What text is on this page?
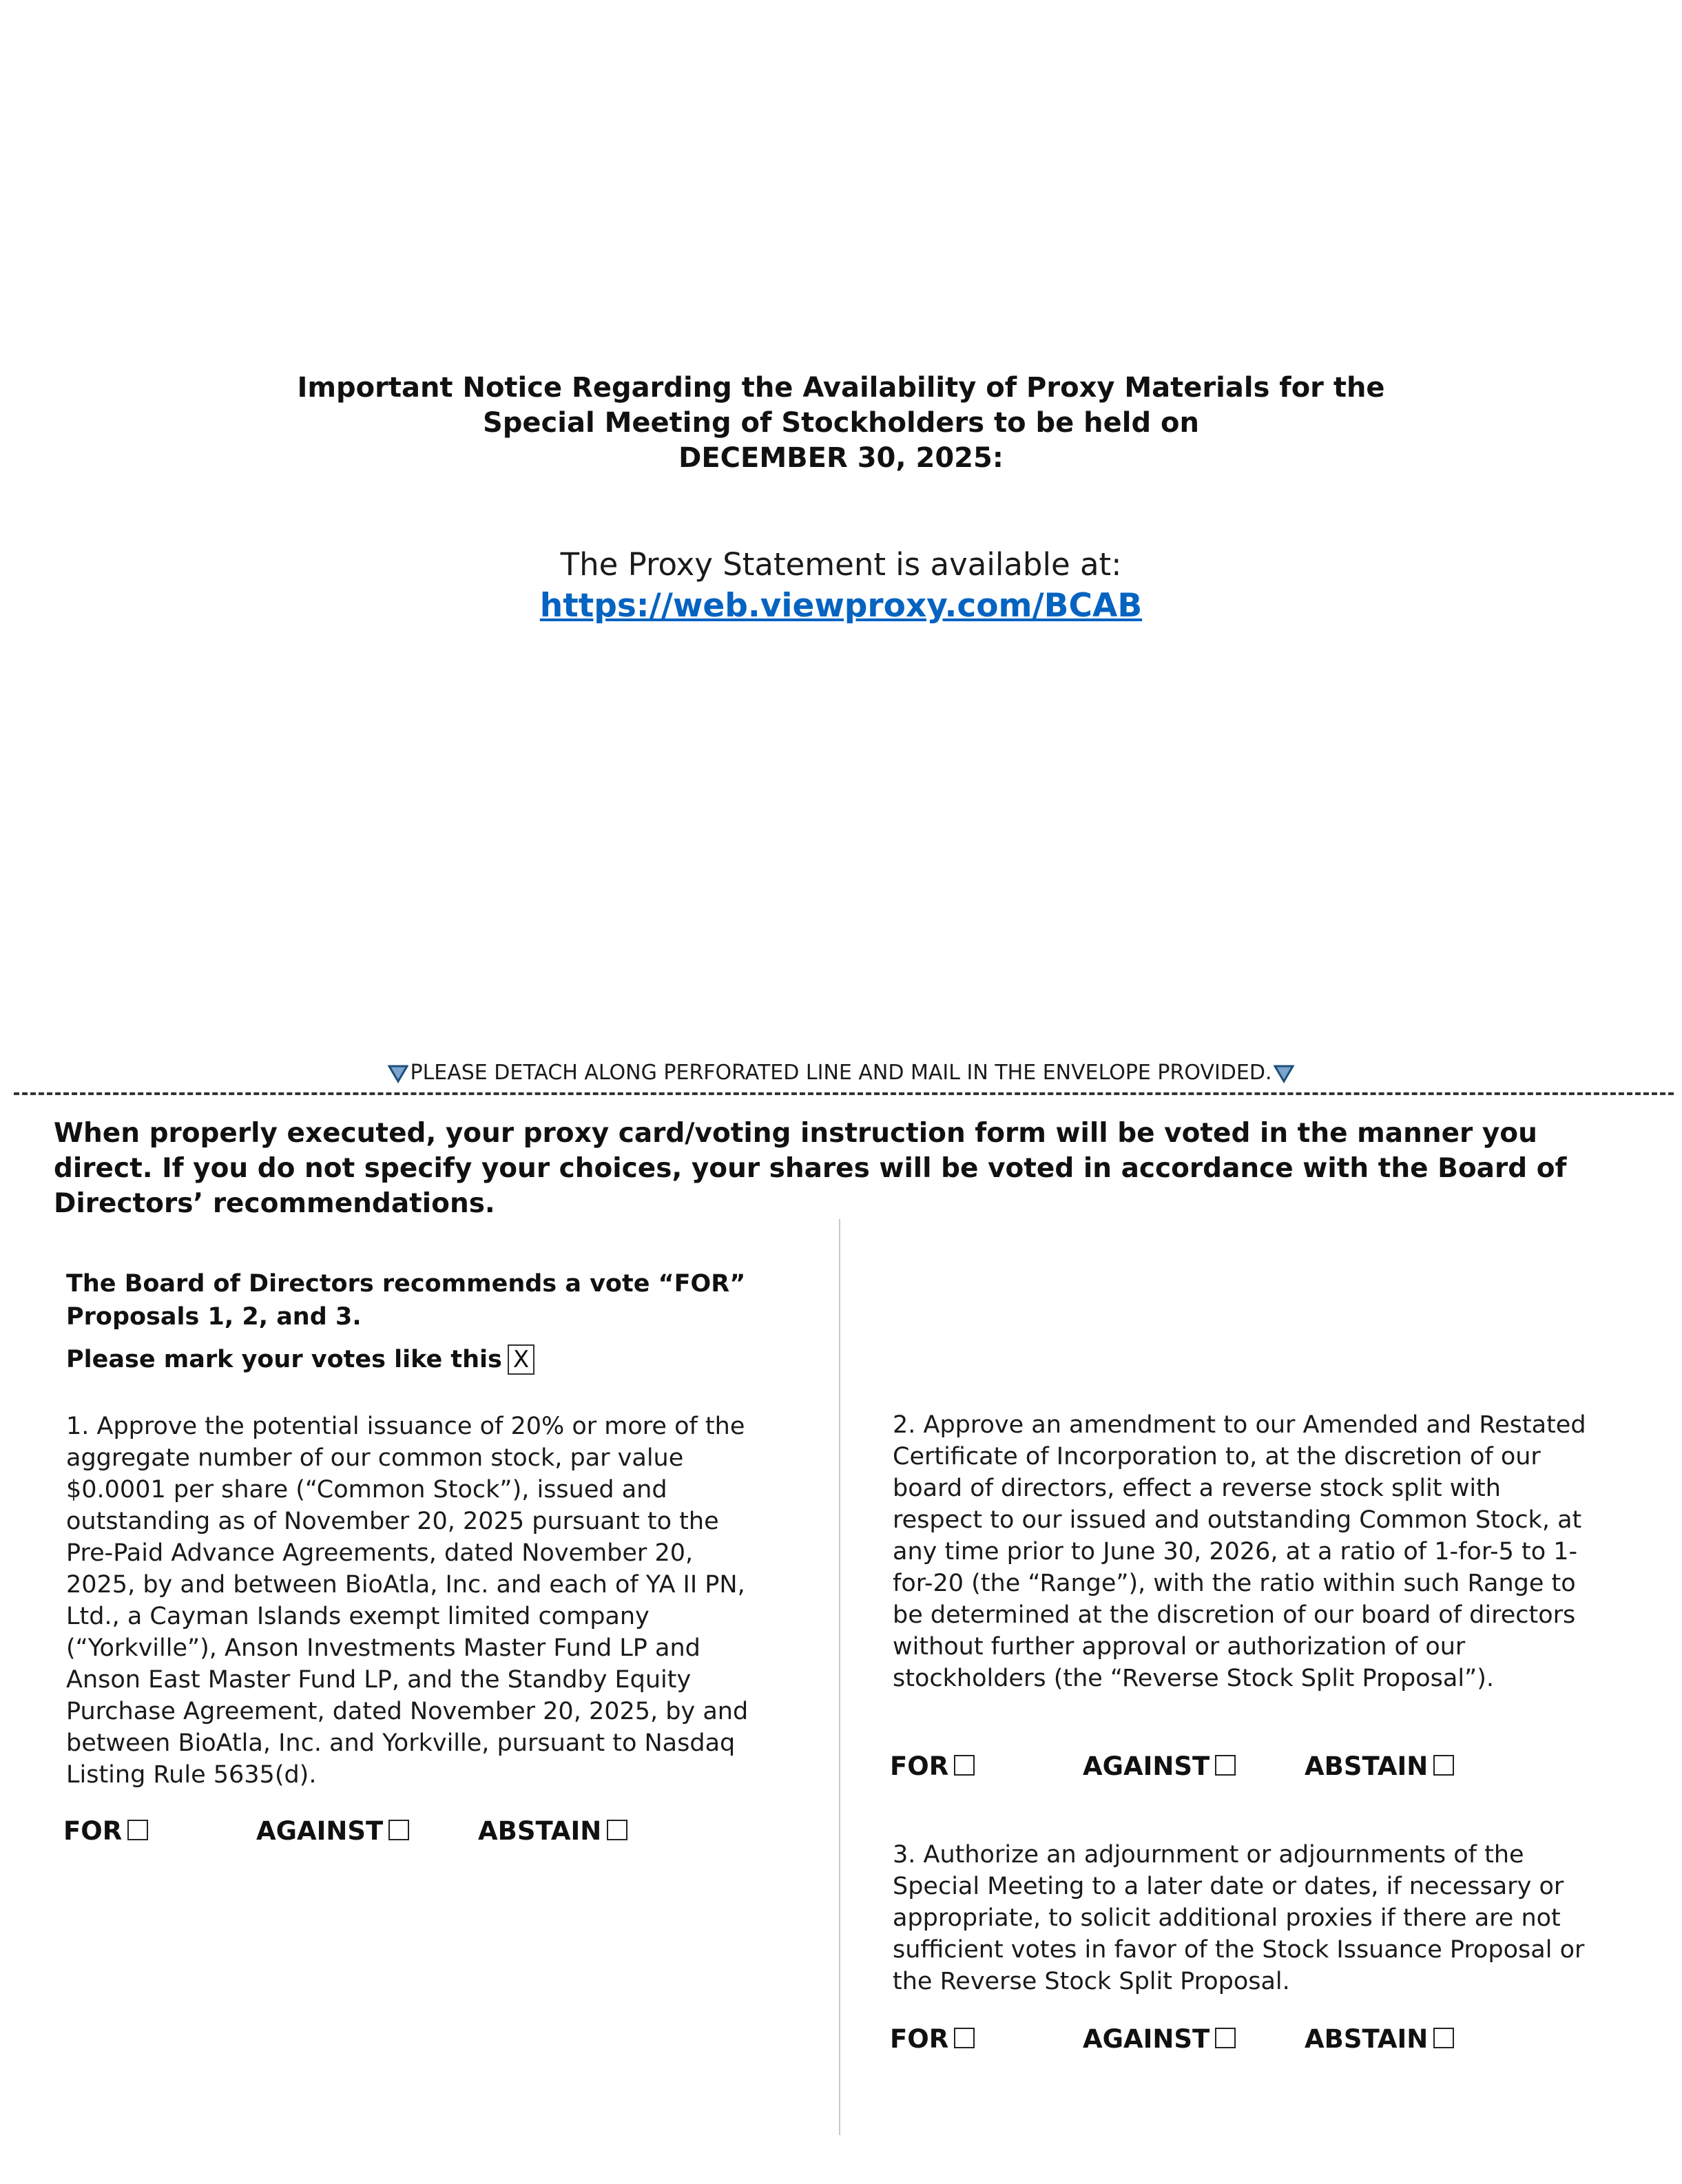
Important Notice Regarding the Availability of Proxy Materials for the
Special Meeting of Stockholders to be held on
DECEMBER 30, 2025:
The Proxy Statement is available at:
https://web.viewproxy.com/BCAB
PLEASE DETACH ALONG PERFORATED LINE AND MAIL IN THE ENVELOPE PROVIDED.
When properly executed, your proxy card/voting instruction form will be voted in the manner you direct. If you do not specify your choices, your shares will be voted in accordance with the Board of Directors’ recommendations.
The Board of Directors recommends a vote “FOR”
Proposals 1, 2, and 3.
Please mark your votes like this X
1. Approve the potential issuance of 20% or more of the aggregate number of our common stock, par value $0.0001 per share (“Common Stock”), issued and outstanding as of November 20, 2025 pursuant to the Pre-Paid Advance Agreements, dated November 20, 2025, by and between BioAtla, Inc. and each of YA II PN, Ltd., a Cayman Islands exempt limited company (“Yorkville”), Anson Investments Master Fund LP and Anson East Master Fund LP, and the Standby Equity Purchase Agreement, dated November 20, 2025, by and between BioAtla, Inc. and Yorkville, pursuant to Nasdaq Listing Rule 5635(d).
FOR	AGAINST	ABSTAIN
2. Approve an amendment to our Amended and Restated Certificate of Incorporation to, at the discretion of our board of directors, effect a reverse stock split with respect to our issued and outstanding Common Stock, at any time prior to June 30, 2026, at a ratio of 1-for-5 to 1-for-20 (the “Range”), with the ratio within such Range to be determined at the discretion of our board of directors without further approval or authorization of our stockholders (the “Reverse Stock Split Proposal”).
FOR	AGAINST	ABSTAIN
3. Authorize an adjournment or adjournments of the Special Meeting to a later date or dates, if necessary or appropriate, to solicit additional proxies if there are not sufficient votes in favor of the Stock Issuance Proposal or the Reverse Stock Split Proposal.
FOR	AGAINST	ABSTAIN
